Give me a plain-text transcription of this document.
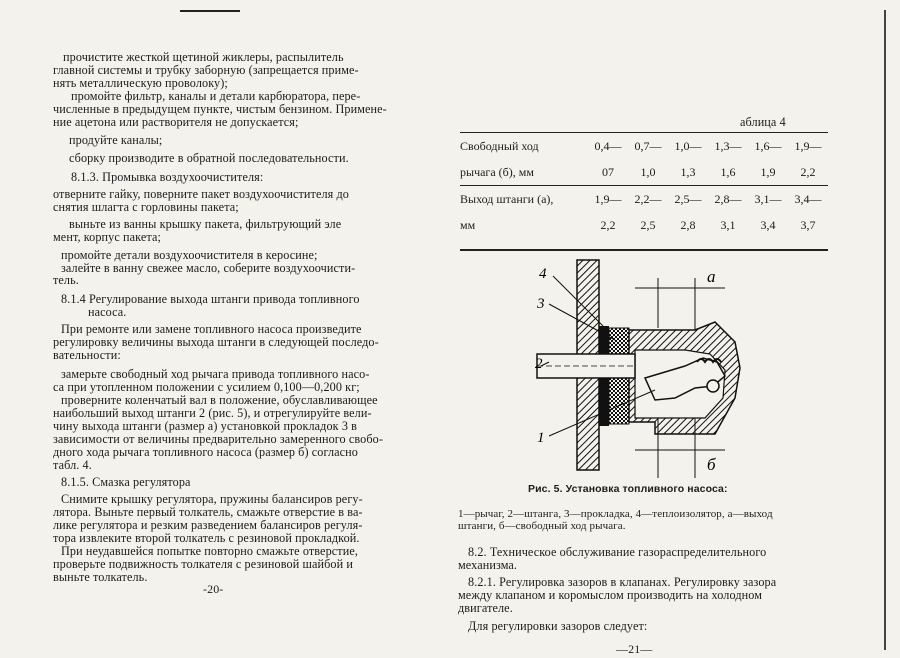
прочистите жесткой щетиной жиклеры, распылитель
главной системы и трубку заборную (запрещается приме-
нять металлическую проволоку);
промойте фильтр, каналы и детали карбюратора, пере-
численные в предыдущем пункте, чистым бензином. Примене-
ние ацетона или растворителя не допускается;
продуйте каналы;
сборку производите в обратной последовательности.
8.1.3. Промывка воздухоочистителя:
отверните гайку, поверните пакет воздухоочистителя до
снятия шлагта с горловины пакета;
выньте из ванны крышку пакета, фильтрующий эле
мент, корпус пакета;
промойте детали воздухоочистителя в керосине;
залейте в ванну свежее масло, соберите воздухоочисти-
тель.
8.1.4 Регулирование выхода штанги привода топливного
насоса.
При ремонте или замене топливного насоса произведите
регулировку величины выхода штанги в следующей последо-
вательности:
замерьте свободный ход рычага привода топливного насо-
са при утопленном положении с усилием 0,100—0,200 кг;
проверните коленчатый вал в положение, обуславливающее
наибольший выход штанги 2 (рис. 5), и отрегулируйте вели-
чину выхода штанги (размер а) установкой прокладок 3 в
зависимости от величины предварительно замеренного свобо-
дного хода рычага топливного насоса (размер б) согласно
табл. 4.
8.1.5. Смазка регулятора
Снимите крышку регулятора, пружины балансиров регу-
лятора. Выньте первый толкатель, смажьте отверстие в ва-
лике регулятора и резким разведением балансиров регуля-
тора извлеките второй толкатель с резиновой прокладкой.
При неудавшейся попытке повторно смажьте отверстие,
проверьте подвижность толкателя с резиновой шайбой и
выньте толкатель.
-20-
аблица 4
Свободный ход	0,4—	0,7—	1,0—	1,3—	1,6—	1,9—
рычага (б), мм	07	1,0	1,3	1,6	1,9	2,2
Выход штанги (а),	1,9—	2,2—	2,5—	2,8—	3,1—	3,4—
мм	2,2	2,5	2,8	3,1	3,4	3,7
4
3
2
1
a
б
Рис. 5. Установка топливного насоса:
1—рычаг, 2—штанга, 3—прокладка, 4—теплоизолятор, а—выход
штанги, б—свободный ход рычага.
8.2. Техническое обслуживание газораспределительного
механизма.
8.2.1. Регулировка зазоров в клапанах. Регулировку зазора
между клапаном и коромыслом производить на холодном
двигателе.
Для регулировки зазоров следует:
—21—
